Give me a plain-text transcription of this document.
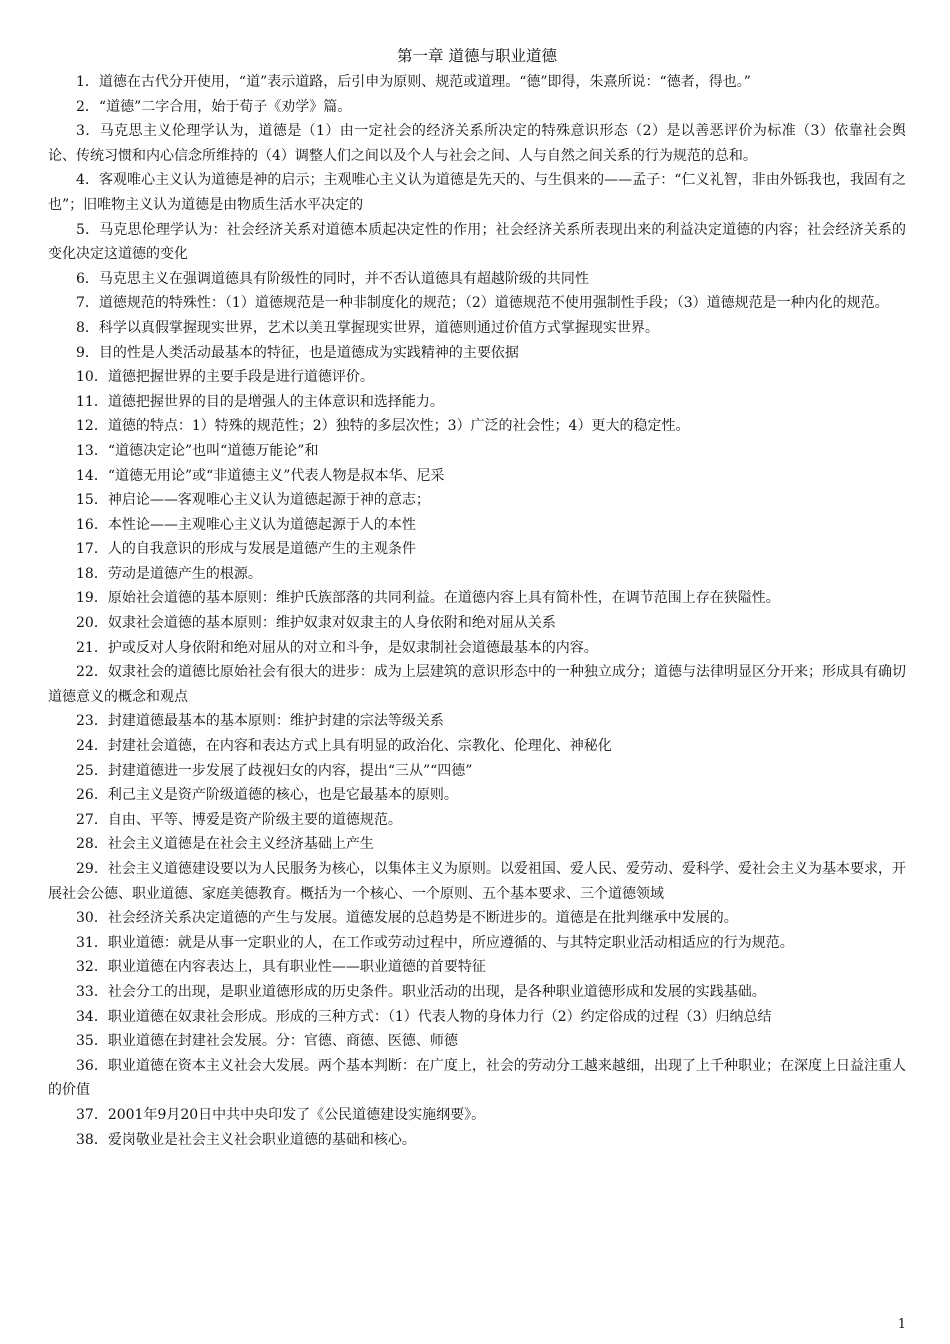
第一章 道德与职业道德

1．道德在古代分开使用，“道”表示道路，后引申为原则、规范或道理。“德”即得，朱熹所说：“德者，得也。”

2．“道德”二字合用，始于荀子《劝学》篇。

3．马克思主义伦理学认为，道德是（1）由一定社会的经济关系所决定的特殊意识形态（2）是以善恶评价为标准（3）依靠社会舆论、传统习惯和内心信念所维持的（4）调整人们之间以及个人与社会之间、人与自然之间关系的行为规范的总和。

4．客观唯心主义认为道德是神的启示；主观唯心主义认为道德是先天的、与生俱来的——孟子：“仁义礼智，非由外铄我也，我固有之也”；旧唯物主义认为道德是由物质生活水平决定的

5．马克思伦理学认为：社会经济关系对道德本质起决定性的作用；社会经济关系所表现出来的利益决定道德的内容；社会经济关系的变化决定这道德的变化

6．马克思主义在强调道德具有阶级性的同时，并不否认道德具有超越阶级的共同性

7．道德规范的特殊性：（1）道德规范是一种非制度化的规范；（2）道德规范不使用强制性手段；（3）道德规范是一种内化的规范。

8．科学以真假掌握现实世界，艺术以美丑掌握现实世界，道德则通过价值方式掌握现实世界。

9．目的性是人类活动最基本的特征，也是道德成为实践精神的主要依据

10．道德把握世界的主要手段是进行道德评价。

11．道德把握世界的目的是增强人的主体意识和选择能力。

12．道德的特点：1）特殊的规范性；2）独特的多层次性；3）广泛的社会性；4）更大的稳定性。

13．“道德决定论”也叫“道德万能论”和

14．“道德无用论”或“非道德主义”代表人物是叔本华、尼采

15．神启论——客观唯心主义认为道德起源于神的意志；

16．本性论——主观唯心主义认为道德起源于人的本性

17．人的自我意识的形成与发展是道德产生的主观条件

18．劳动是道德产生的根源。

19．原始社会道德的基本原则：维护氏族部落的共同利益。在道德内容上具有简朴性，在调节范围上存在狭隘性。

20．奴隶社会道德的基本原则：维护奴隶对奴隶主的人身依附和绝对屈从关系

21．护或反对人身依附和绝对屈从的对立和斗争，是奴隶制社会道德最基本的内容。

22．奴隶社会的道德比原始社会有很大的进步：成为上层建筑的意识形态中的一种独立成分；道德与法律明显区分开来；形成具有确切道德意义的概念和观点

23．封建道德最基本的基本原则：维护封建的宗法等级关系

24．封建社会道德，在内容和表达方式上具有明显的政治化、宗教化、伦理化、神秘化

25．封建道德进一步发展了歧视妇女的内容，提出“三从”“四德”

26．利己主义是资产阶级道德的核心，也是它最基本的原则。

27．自由、平等、博爱是资产阶级主要的道德规范。

28．社会主义道德是在社会主义经济基础上产生

29．社会主义道德建设要以为人民服务为核心，以集体主义为原则。以爱祖国、爱人民、爱劳动、爱科学、爱社会主义为基本要求，开展社会公德、职业道德、家庭美德教育。概括为一个核心、一个原则、五个基本要求、三个道德领域

30．社会经济关系决定道德的产生与发展。道德发展的总趋势是不断进步的。道德是在批判继承中发展的。

31．职业道德：就是从事一定职业的人，在工作或劳动过程中，所应遵循的、与其特定职业活动相适应的行为规范。

32．职业道德在内容表达上，具有职业性——职业道德的首要特征

33．社会分工的出现，是职业道德形成的历史条件。职业活动的出现，是各种职业道德形成和发展的实践基础。

34．职业道德在奴隶社会形成。形成的三种方式：（1）代表人物的身体力行（2）约定俗成的过程（3）归纳总结

35．职业道德在封建社会发展。分：官德、商德、医德、师德

36．职业道德在资本主义社会大发展。两个基本判断：在广度上，社会的劳动分工越来越细，出现了上千种职业；在深度上日益注重人的价值

37．2001年9月20日中共中央印发了《公民道德建设实施纲要》。

38．爱岗敬业是社会主义社会职业道德的基础和核心。

1
